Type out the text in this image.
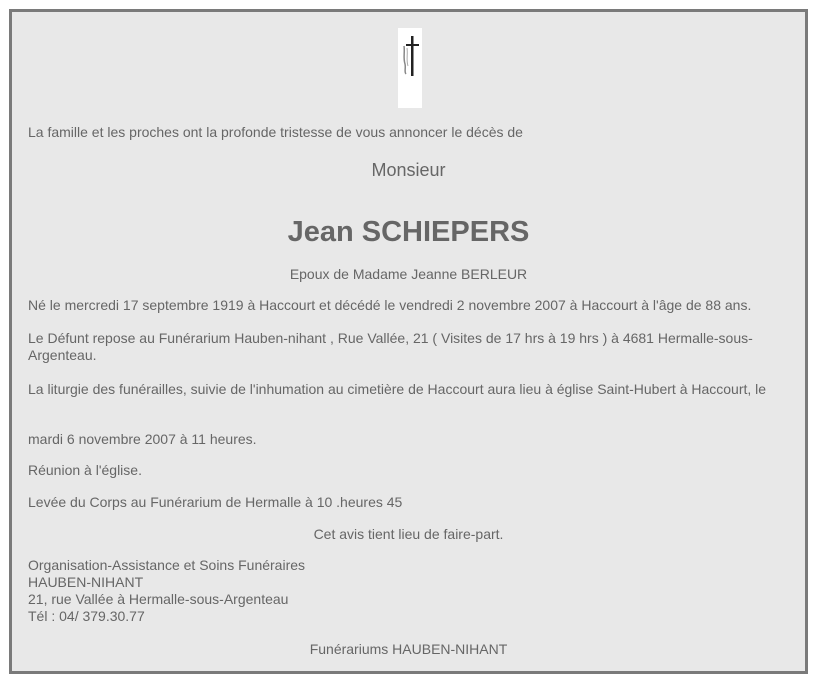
La famille et les proches ont la profonde tristesse de vous annoncer le décès de
Monsieur
Jean SCHIEPERS
Epoux de Madame Jeanne BERLEUR
Né le mercredi 17 septembre 1919 à Haccourt et décédé le vendredi 2 novembre 2007 à Haccourt à l'âge de 88 ans.
Le Défunt repose au Funérarium Hauben-nihant , Rue Vallée, 21 ( Visites de 17 hrs à 19 hrs ) à 4681 Hermalle-sous-Argenteau.
La liturgie des funérailles, suivie de l'inhumation au cimetière de Haccourt aura lieu à église Saint-Hubert à Haccourt, le
mardi 6 novembre 2007 à 11 heures.
Réunion à l'église.
Levée du Corps au Funérarium de Hermalle à 10 .heures 45
Cet avis tient lieu de faire-part.
Organisation-Assistance et Soins Funéraires
HAUBEN-NIHANT
21, rue Vallée à Hermalle-sous-Argenteau
Tél : 04/ 379.30.77
Funérariums HAUBEN-NIHANT
